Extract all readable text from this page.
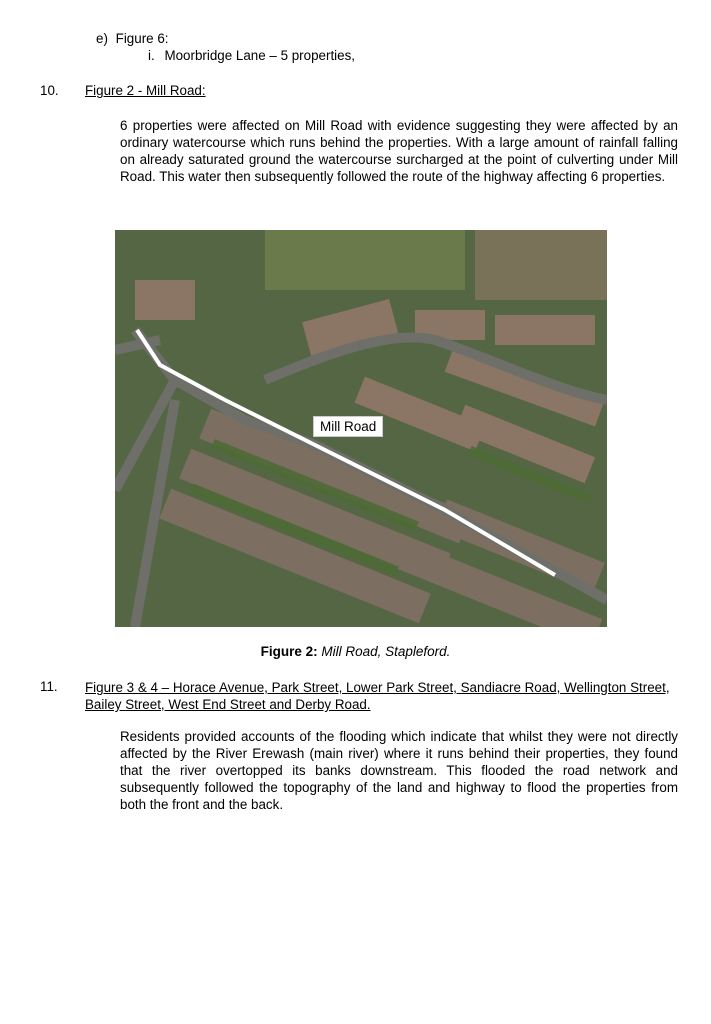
e) Figure 6:
i. Moorbridge Lane – 5 properties,
10. Figure 2 - Mill Road:
6 properties were affected on Mill Road with evidence suggesting they were affected by an ordinary watercourse which runs behind the properties. With a large amount of rainfall falling on already saturated ground the watercourse surcharged at the point of culverting under Mill Road. This water then subsequently followed the route of the highway affecting 6 properties.
Mill Road
Figure 2: Mill Road, Stapleford.
11. Figure 3 & 4 – Horace Avenue, Park Street, Lower Park Street, Sandiacre Road, Wellington Street, Bailey Street, West End Street and Derby Road.
Residents provided accounts of the flooding which indicate that whilst they were not directly affected by the River Erewash (main river) where it runs behind their properties, they found that the river overtopped its banks downstream. This flooded the road network and subsequently followed the topography of the land and highway to flood the properties from both the front and the back.
